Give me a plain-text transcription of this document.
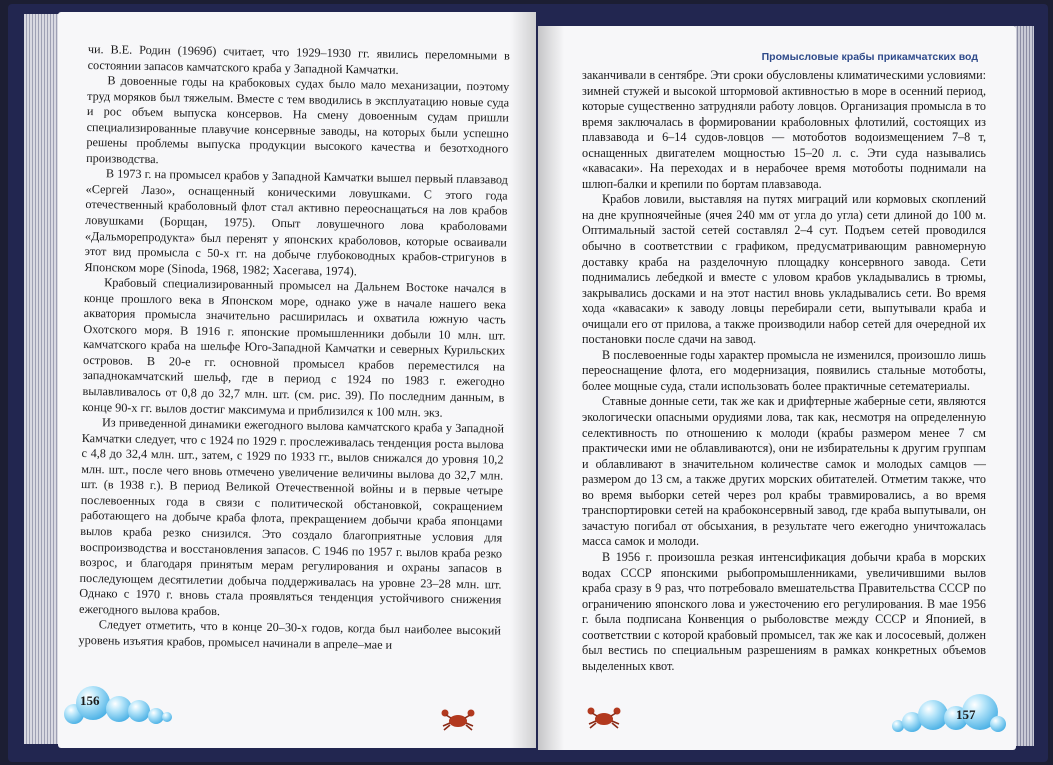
чи. В.Е. Родин (1969б) считает, что 1929–1930 гг. явились переломными в состоянии запасов камчатского краба у Западной Камчатки.

В довоенные годы на крабоковых судах было мало механизации, поэтому труд моряков был тяжелым. Вместе с тем вводились в эксплуатацию новые суда и рос объем выпуска консервов. На смену довоенным судам пришли специализированные плавучие консервные заводы, на которых были успешно решены проблемы выпуска продукции высокого качества и безотходного производства.

В 1973 г. на промысел крабов у Западной Камчатки вышел первый плавзавод «Сергей Лазо», оснащенный коническими ловушками. С этого года отечественный краболовный флот стал активно переоснащаться на лов крабов ловушками (Борщан, 1975). Опыт ловушечного лова краболовами «Дальморепродукта» был перенят у японских краболовов, которые осваивали этот вид промысла с 50-х гг. на добыче глубоководных крабов-стригунов в Японском море (Sinoda, 1968, 1982; Хасегава, 1974).

Крабовый специализированный промысел на Дальнем Востоке начался в конце прошлого века в Японском море, однако уже в начале нашего века акватория промысла значительно расширилась и охватила южную часть Охотского моря. В 1916 г. японские промышленники добыли 10 млн. шт. камчатского краба на шельфе Юго-Западной Камчатки и северных Курильских островов. В 20-е гг. основной промысел крабов переместился на западнокамчатский шельф, где в период с 1924 по 1983 г. ежегодно вылавливалось от 0,8 до 32,7 млн. шт. (см. рис. 39). По последним данным, в конце 90-х гг. вылов достиг максимума и приблизился к 100 млн. экз.

Из приведенной динамики ежегодного вылова камчатского краба у Западной Камчатки следует, что с 1924 по 1929 г. прослеживалась тенденция роста вылова с 4,8 до 32,4 млн. шт., затем, с 1929 по 1933 гг., вылов снижался до уровня 10,2 млн. шт., после чего вновь отмечено увеличение величины вылова до 32,7 млн. шт. (в 1938 г.). В период Великой Отечественной войны и в первые четыре послевоенных года в связи с политической обстановкой, сокращением работающего на добыче краба флота, прекращением добычи краба японцами вылов краба резко снизился. Это создало благоприятные условия для воспроизводства и восстановления запасов. С 1946 по 1957 г. вылов краба резко возрос, и благодаря принятым мерам регулирования и охраны запасов в последующем десятилетии добыча поддерживалась на уровне 23–28 млн. шт. Однако с 1970 г. вновь стала проявляться тенденция устойчивого снижения ежегодного вылова крабов.

Следует отметить, что в конце 20–30-х годов, когда был наиболее высокий уровень изъятия крабов, промысел начинали в апреле–мае и

156
Промысловые крабы прикамчатских вод

заканчивали в сентябре. Эти сроки обусловлены климатическими условиями: зимней стужей и высокой штормовой активностью в море в осенний период, которые существенно затрудняли работу ловцов. Организация промысла в то время заключалась в формировании краболовных флотилий, состоящих из плавзавода и 6–14 судов-ловцов — мотоботов водоизмещением 7–8 т, оснащенных двигателем мощностью 15–20 л. с. Эти суда назывались «кавасаки». На переходах и в нерабочее время мотоботы поднимали на шлюп-балки и крепили по бортам плавзавода.

Крабов ловили, выставляя на путях миграций или кормовых скоплений на дне крупноячейные (ячея 240 мм от угла до угла) сети длиной до 100 м. Оптимальный застой сетей составлял 2–4 сут. Подъем сетей проводился обычно в соответствии с графиком, предусматривающим равномерную доставку краба на разделочную площадку консервного завода. Сети поднимались лебедкой и вместе с уловом крабов укладывались в трюмы, закрывались досками и на этот настил вновь укладывались сети. Во время хода «кавасаки» к заводу ловцы перебирали сети, выпутывали краба и очищали его от прилова, а также производили набор сетей для очередной их постановки после сдачи на завод.

В послевоенные годы характер промысла не изменился, произошло лишь переоснащение флота, его модернизация, появились стальные мотоботы, более мощные суда, стали использовать более практичные сетематериалы.

Ставные донные сети, так же как и дрифтерные жаберные сети, являются экологически опасными орудиями лова, так как, несмотря на определенную селективность по отношению к молоди (крабы размером менее 7 см практически ими не облавливаются), они не избирательны к другим группам и облавливают в значительном количестве самок и молодых самцов — размером до 13 см, а также других морских обитателей. Отметим также, что во время выборки сетей через рол крабы травмировались, а во время транспортировки сетей на крабоконсервный завод, где краба выпутывали, он зачастую погибал от обсыхания, в результате чего ежегодно уничтожалась масса самок и молоди.

В 1956 г. произошла резкая интенсификация добычи краба в морских водах СССР японскими рыбопромышленниками, увеличившими вылов краба сразу в 9 раз, что потребовало вмешательства Правительства СССР по ограничению японского лова и ужесточению его регулирования. В мае 1956 г. была подписана Конвенция о рыболовстве между СССР и Японией, в соответствии с которой крабовый промысел, так же как и лососевый, должен был вестись по специальным разрешениям в рамках конкретных объемов выделенных квот.

157
